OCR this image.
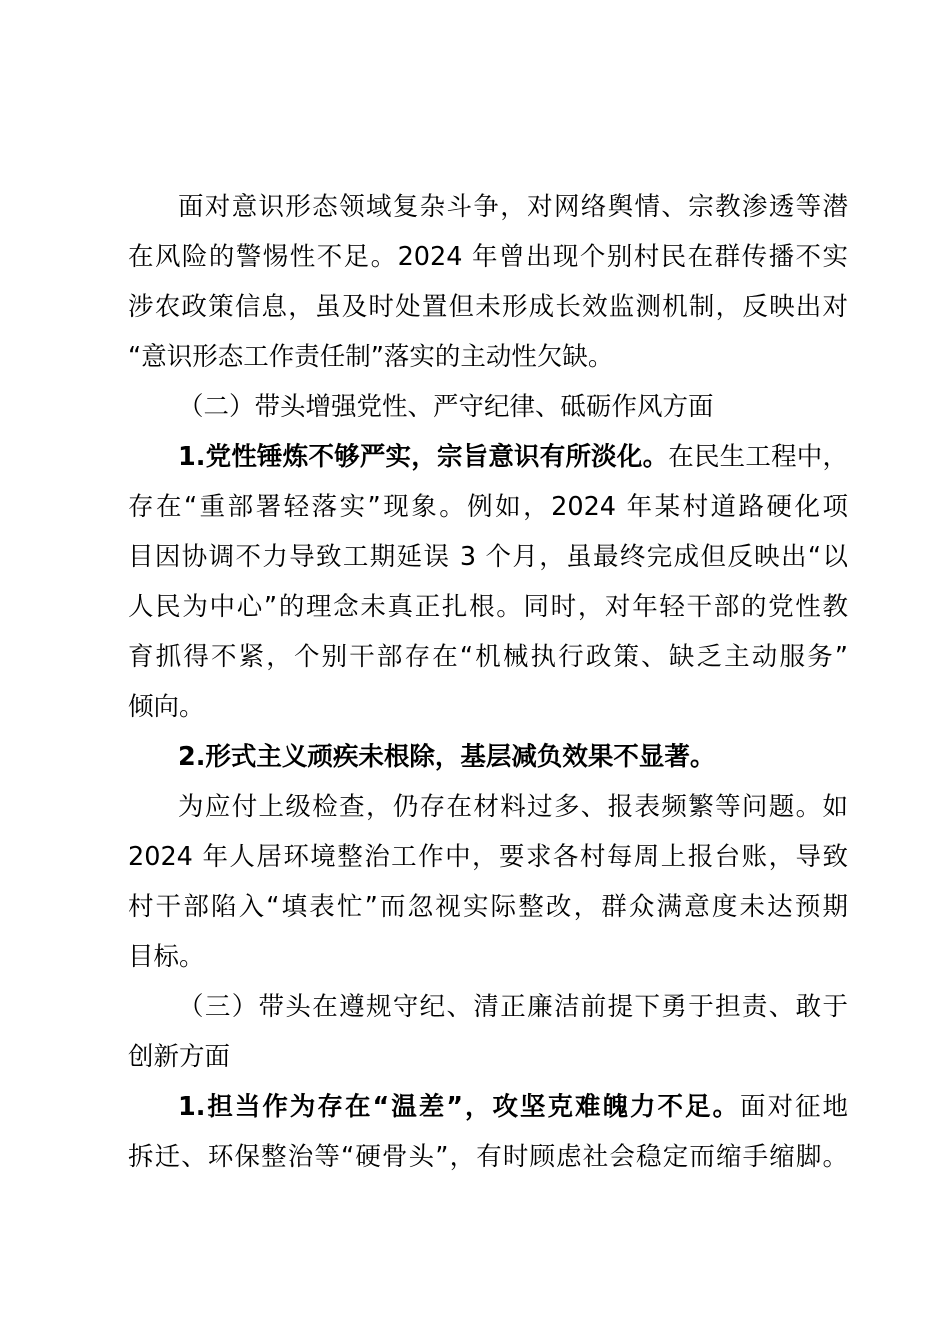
面对意识形态领域复杂斗争，对网络舆情、宗教渗透等潜
在风险的警惕性不足。2024 年曾出现个别村民在群传播不实
涉农政策信息，虽及时处置但未形成长效监测机制，反映出对
“意识形态工作责任制”落实的主动性欠缺。
（二）带头增强党性、严守纪律、砥砺作风方面
1.党性锤炼不够严实，宗旨意识有所淡化。在民生工程中，
存在“重部署轻落实”现象。例如，2024 年某村道路硬化项
目因协调不力导致工期延误 3 个月，虽最终完成但反映出“以
人民为中心”的理念未真正扎根。同时，对年轻干部的党性教
育抓得不紧，个别干部存在“机械执行政策、缺乏主动服务”
倾向。
2.形式主义顽疾未根除，基层减负效果不显著。
为应付上级检查，仍存在材料过多、报表频繁等问题。如
2024 年人居环境整治工作中，要求各村每周上报台账，导致
村干部陷入“填表忙”而忽视实际整改，群众满意度未达预期
目标。
（三）带头在遵规守纪、清正廉洁前提下勇于担责、敢于
创新方面
1.担当作为存在“温差”，攻坚克难魄力不足。面对征地
拆迁、环保整治等“硬骨头”，有时顾虑社会稳定而缩手缩脚。
